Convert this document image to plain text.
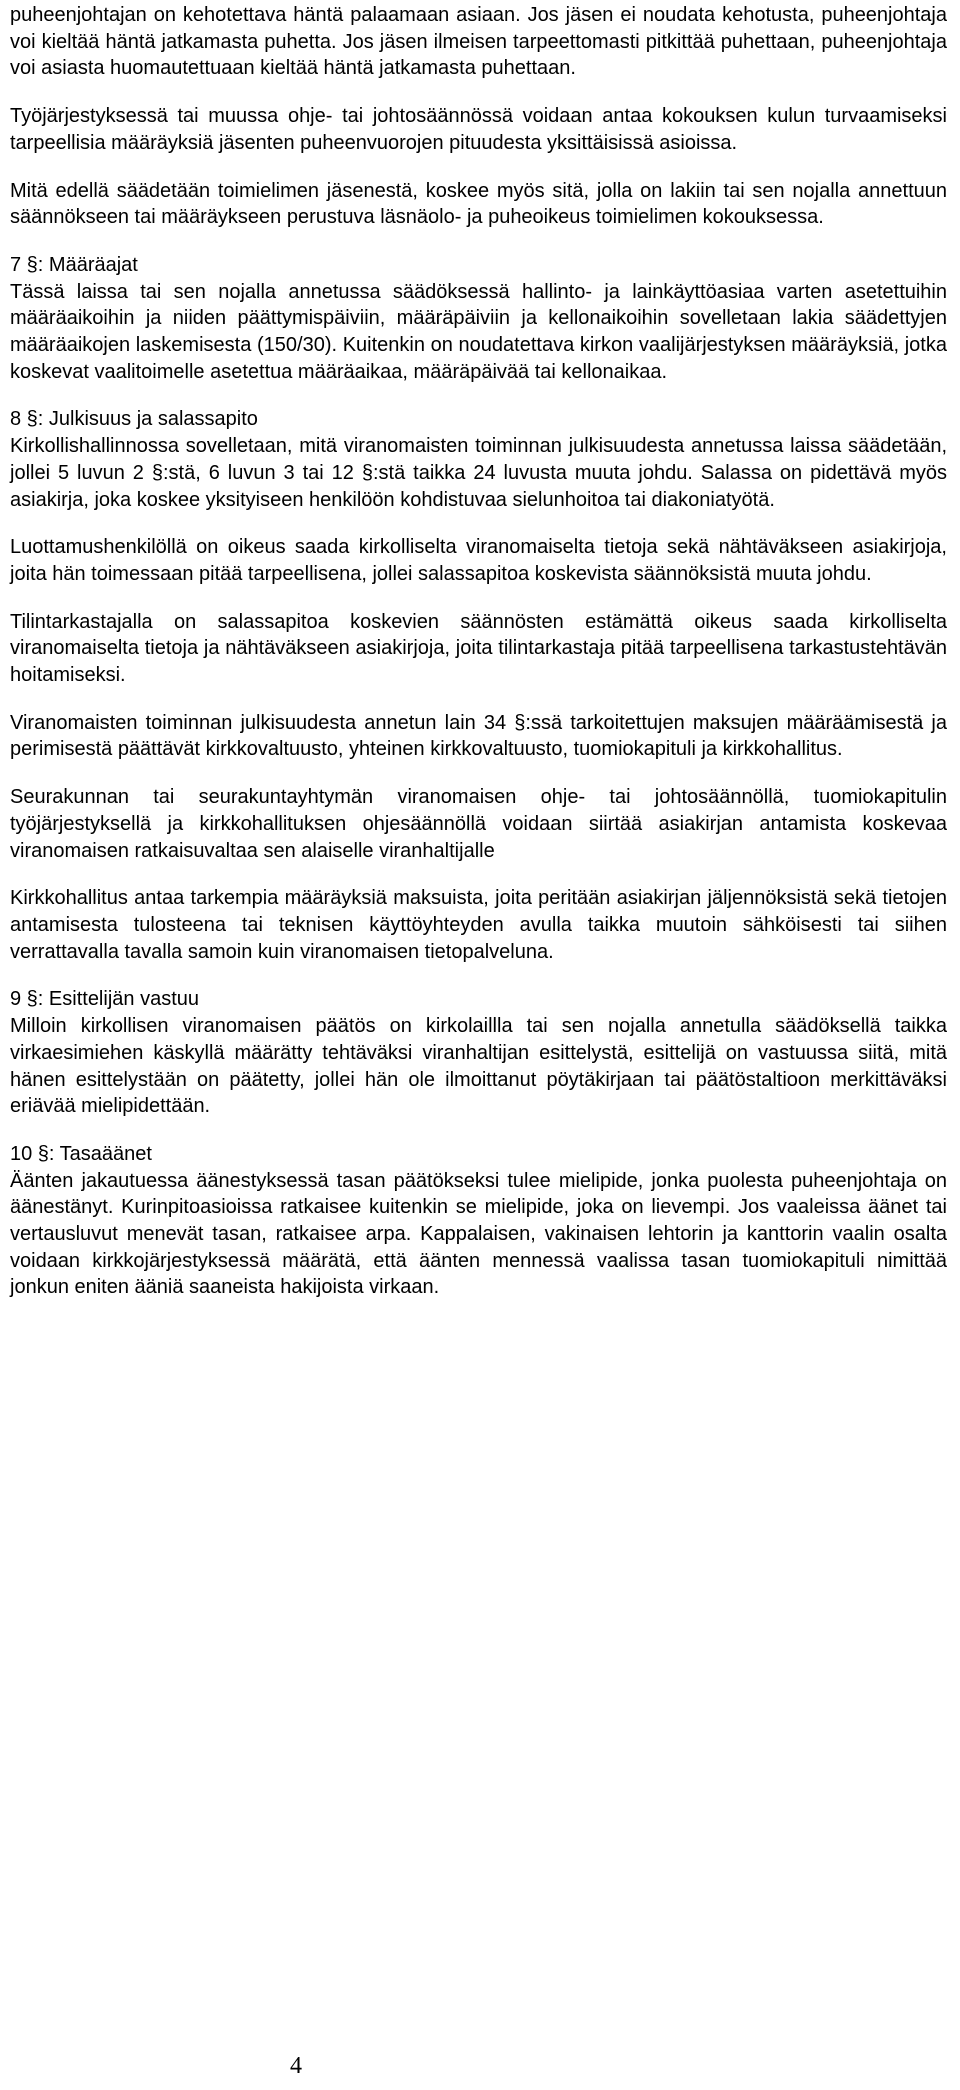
puheenjohtajan on kehotettava häntä palaamaan asiaan. Jos jäsen ei noudata kehotusta, puheenjohtaja voi kieltää häntä jatkamasta puhetta. Jos jäsen ilmeisen tarpeettomasti pitkittää puhettaan, puheenjohtaja voi asiasta huomautettuaan kieltää häntä jatkamasta puhettaan.

Työjärjestyksessä tai muussa ohje- tai johtosäännössä voidaan antaa kokouksen kulun turvaamiseksi tarpeellisia määräyksiä jäsenten puheenvuorojen pituudesta yksittäisissä asioissa.

Mitä edellä säädetään toimielimen jäsenestä, koskee myös sitä, jolla on lakiin tai sen nojalla annettuun säännökseen tai määräykseen perustuva läsnäolo- ja puheoikeus toimielimen kokouksessa.

7 §: Määräajat
Tässä laissa tai sen nojalla annetussa säädöksessä hallinto- ja lainkäyttöasiaa varten asetettuihin määräaikoihin ja niiden päättymispäiviin, määräpäiviin ja kellonaikoihin sovelletaan lakia säädettyjen määräaikojen laskemisesta (150/30). Kuitenkin on noudatettava kirkon vaalijärjestyksen määräyksiä, jotka koskevat vaalitoimelle asetettua määräaikaa, määräpäivää tai kellonaikaa.
8 §: Julkisuus ja salassapito
Kirkollishallinnossa sovelletaan, mitä viranomaisten toiminnan julkisuudesta annetussa laissa säädetään, jollei 5 luvun 2 §:stä, 6 luvun 3 tai 12 §:stä taikka 24 luvusta muuta johdu. Salassa on pidettävä myös asiakirja, joka koskee yksityiseen henkilöön kohdistuvaa sielunhoitoa tai diakoniatyötä.

Luottamushenkilöllä on oikeus saada kirkolliselta viranomaiselta tietoja sekä nähtäväkseen asiakirjoja, joita hän toimessaan pitää tarpeellisena, jollei salassapitoa koskevista säännöksistä muuta johdu.

Tilintarkastajalla on salassapitoa koskevien säännösten estämättä oikeus saada kirkolliselta viranomaiselta tietoja ja nähtäväkseen asiakirjoja, joita tilintarkastaja pitää tarpeellisena tarkastustehtävän hoitamiseksi.

Viranomaisten toiminnan julkisuudesta annetun lain 34 §:ssä tarkoitettujen maksujen määräämisestä ja perimisestä päättävät kirkkovaltuusto, yhteinen kirkkovaltuusto, tuomiokapituli ja kirkkohallitus.

Seurakunnan tai seurakuntayhtymän viranomaisen ohje- tai johtosäännöllä, tuomiokapitulin työjärjestyksellä ja kirkkohallituksen ohjesäännöllä voidaan siirtää asiakirjan antamista koskevaa viranomaisen ratkaisuvaltaa sen alaiselle viranhaltijalle

Kirkkohallitus antaa tarkempia määräyksiä maksuista, joita peritään asiakirjan jäljennöksistä sekä tietojen antamisesta tulosteena tai teknisen käyttöyhteyden avulla taikka muutoin sähköisesti tai siihen verrattavalla tavalla samoin kuin viranomaisen tietopalveluna.

9 §: Esittelijän vastuu
Milloin kirkollisen viranomaisen päätös on kirkolaillla tai sen nojalla annetulla säädöksellä taikka virkaesimiehen käskyllä määrätty tehtäväksi viranhaltijan esittelystä, esittelijä on vastuussa siitä, mitä hänen esittelystään on päätetty, jollei hän ole ilmoittanut pöytäkirjaan tai päätöstaltioon merkittäväksi eriävää mielipidettään.
10 §: Tasaäänet
Äänten jakautuessa äänestyksessä tasan päätökseksi tulee mielipide, jonka puolesta puheenjohtaja on äänestänyt. Kurinpitoasioissa ratkaisee kuitenkin se mielipide, joka on lievempi. Jos vaaleissa äänet tai vertausluvut menevät tasan, ratkaisee arpa. Kappalaisen, vakinaisen lehtorin ja kanttorin vaalin osalta voidaan kirkkojärjestyksessä määrätä, että äänten mennessä vaalissa tasan tuomiokapituli nimittää jonkun eniten ääniä saaneista hakijoista virkaan.
4
